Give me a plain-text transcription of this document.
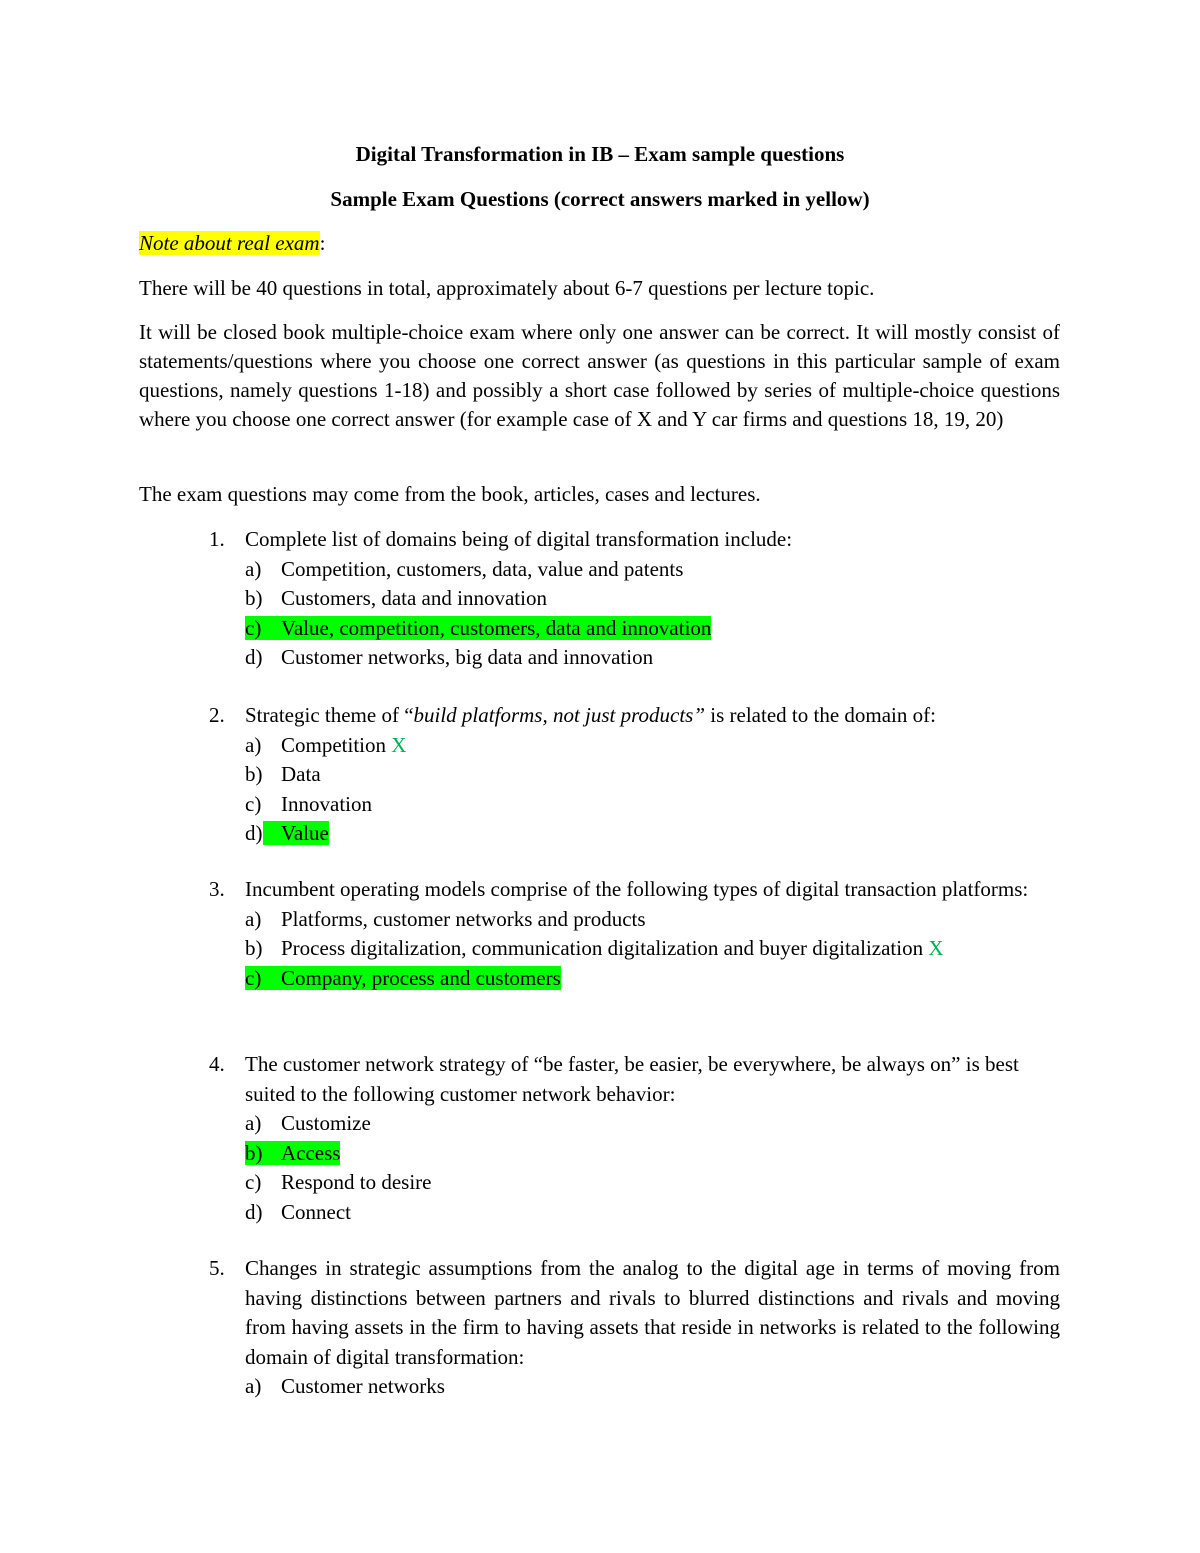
Digital Transformation in IB – Exam sample questions

Sample Exam Questions (correct answers marked in yellow)

Note about real exam:

There will be 40 questions in total, approximately about 6-7 questions per lecture topic.

It will be closed book multiple-choice exam where only one answer can be correct. It will mostly consist of statements/questions where you choose one correct answer (as questions in this particular sample of exam questions, namely questions 1-18) and possibly a short case followed by series of multiple-choice questions where you choose one correct answer (for example case of X and Y car firms and questions 18, 19, 20)

The exam questions may come from the book, articles, cases and lectures.

1. Complete list of domains being of digital transformation include:
a) Competition, customers, data, value and patents
b) Customers, data and innovation
c) Value, competition, customers, data and innovation
d) Customer networks, big data and innovation
2. Strategic theme of “build platforms, not just products” is related to the domain of:
a) Competition X
b) Data
c) Innovation
d) Value
3. Incumbent operating models comprise of the following types of digital transaction platforms:
a) Platforms, customer networks and products
b) Process digitalization, communication digitalization and buyer digitalization X
c) Company, process and customers
4. The customer network strategy of “be faster, be easier, be everywhere, be always on” is best suited to the following customer network behavior:
a) Customize
b) Access
c) Respond to desire
d) Connect
5. Changes in strategic assumptions from the analog to the digital age in terms of moving from having distinctions between partners and rivals to blurred distinctions and rivals and moving from having assets in the firm to having assets that reside in networks is related to the following domain of digital transformation:
a) Customer networks
